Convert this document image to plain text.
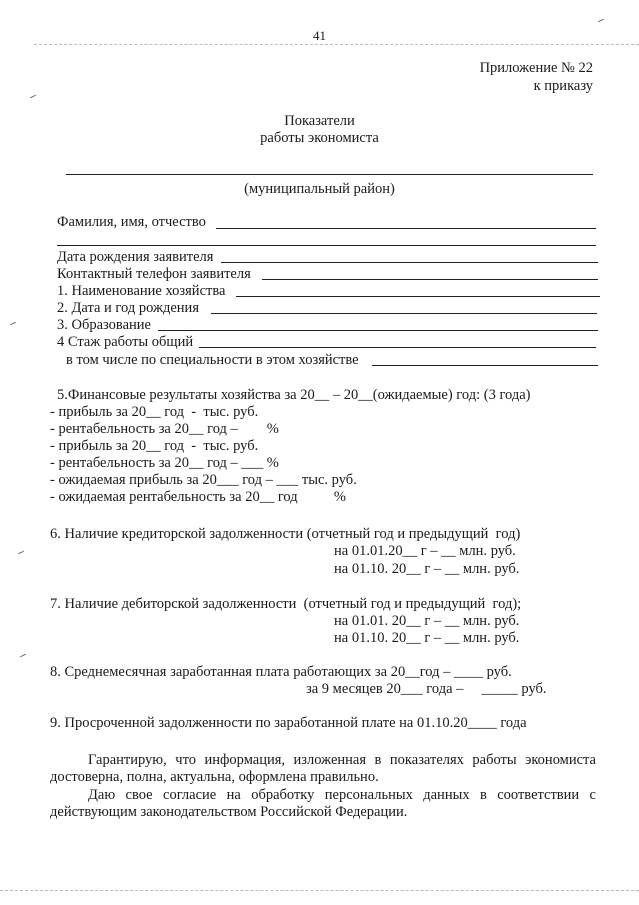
41
Приложение № 22
к приказу
Показатели
работы экономиста
(муниципальный район)
Фамилия, имя, отчество
Дата рождения заявителя
Контактный телефон заявителя
1. Наименование хозяйства
2. Дата и год рождения
3. Образование
4 Стаж работы общий
в том числе по специальности в этом хозяйстве
5.Финансовые результаты хозяйства за 20__ – 20__(ожидаемые) год: (3 года)
- прибыль за 20__ год  -  тыс. руб.
- рентабельность за 20__ год –        %
- прибыль за 20__ год  -  тыс. руб.
- рентабельность за 20__ год – ___ %
- ожидаемая прибыль за 20___ год – ___ тыс. руб.
- ожидаемая рентабельность за 20__ год          %
6. Наличие кредиторской задолженности (отчетный год и предыдущий  год)
на 01.01.20__ г – __ млн. руб.
на 01.10. 20__ г – __ млн. руб.
7. Наличие дебиторской задолженности  (отчетный год и предыдущий  год);
на 01.01. 20__ г – __ млн. руб.
на 01.10. 20__ г – __ млн. руб.
8. Среднемесячная заработанная плата работающих за 20__год – ____ руб.
за 9 месяцев 20___ года –     _____ руб.
9. Просроченной задолженности по заработанной плате на 01.10.20____ года
Гарантирую, что информация, изложенная в показателях работы экономиста достоверна, полна, актуальна, оформлена правильно.
Даю свое согласие на обработку персональных данных в соответствии с действующим законодательством Российской Федерации.
